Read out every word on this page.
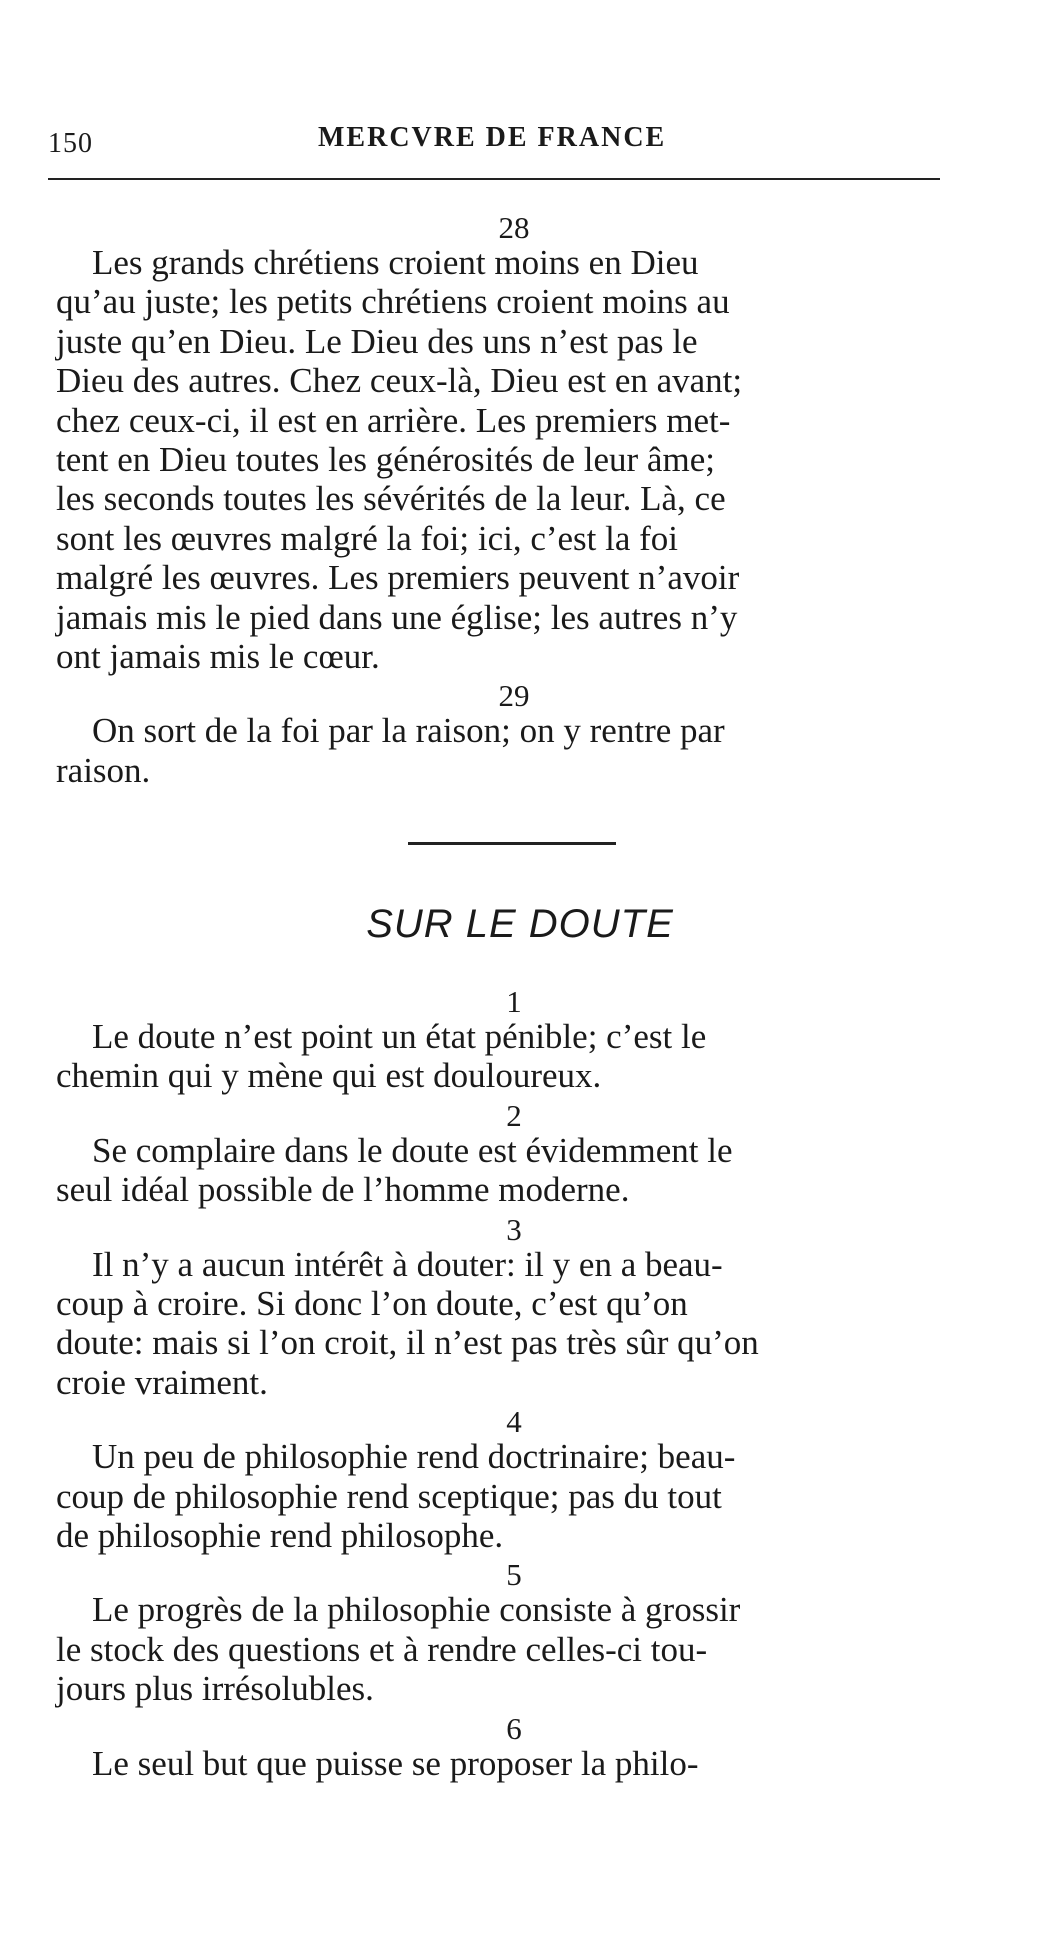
150	MERCVRE DE FRANCE
28

Les grands chrétiens croient moins en Dieu
qu’au juste; les petits chrétiens croient moins au
juste qu’en Dieu. Le Dieu des uns n’est pas le
Dieu des autres. Chez ceux-là, Dieu est en avant;
chez ceux-ci, il est en arrière. Les premiers met-
tent en Dieu toutes les générosités de leur âme;
les seconds toutes les sévérités de la leur. Là, ce
sont les œuvres malgré la foi; ici, c’est la foi
malgré les œuvres. Les premiers peuvent n’avoir
jamais mis le pied dans une église; les autres n’y
ont jamais mis le cœur.

29

On sort de la foi par la raison; on y rentre par
raison.

SUR LE DOUTE
1

Le doute n’est point un état pénible; c’est le
chemin qui y mène qui est douloureux.

2

Se complaire dans le doute est évidemment le
seul idéal possible de l’homme moderne.

3

Il n’y a aucun intérêt à douter: il y en a beau-
coup à croire. Si donc l’on doute, c’est qu’on
doute: mais si l’on croit, il n’est pas très sûr qu’on
croie vraiment.

4

Un peu de philosophie rend doctrinaire; beau-
coup de philosophie rend sceptique; pas du tout
de philosophie rend philosophe.

5

Le progrès de la philosophie consiste à grossir
le stock des questions et à rendre celles-ci tou-
jours plus irrésolubles.

6

Le seul but que puisse se proposer la philo-
